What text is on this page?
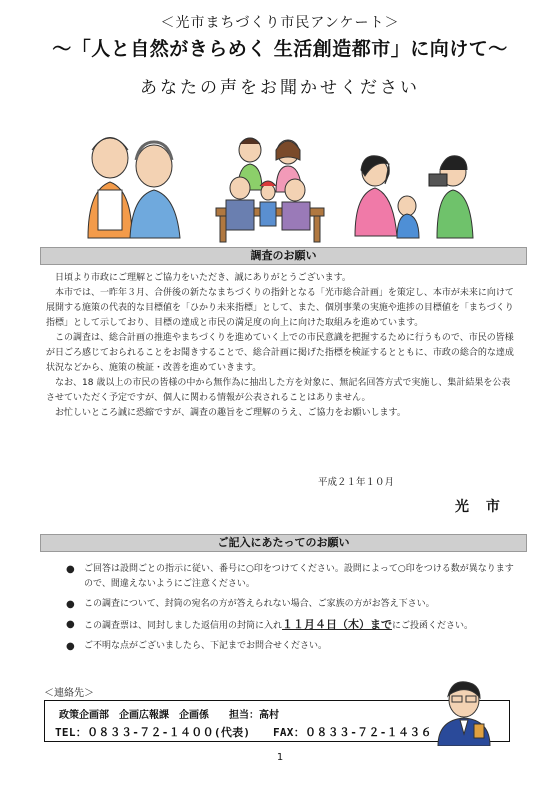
＜光市まちづくり市民アンケート＞
～「人と自然がきらめく 生活創造都市」に向けて～
あなたの声をお聞かせください
調査のお願い

日頃より市政にご理解とご協力をいただき、誠にありがとうございます。

本市では、一昨年３月、合併後の新たなまちづくりの指針となる「光市総合計画」を策定し、本市が未来に向けて展開する施策の代表的な目標値を「ひかり未来指標」として、また、個別事業の実施や進捗の目標値を「まちづくり指標」として示しており、目標の達成と市民の満足度の向上に向けた取組みを進めています。

この調査は、総合計画の推進やまちづくりを進めていく上での市民意識を把握するために行うもので、市民の皆様が日ごろ感じておられることをお聞きすることで、総合計画に掲げた指標を検証するとともに、市政の総合的な達成状況などから、施策の検証・改善を進めていきます。

なお、18 歳以上の市民の皆様の中から無作為に抽出した方を対象に、無記名回答方式で実施し、集計結果を公表させていただく予定ですが、個人に関わる情報が公表されることはありません。

お忙しいところ誠に恐縮ですが、調査の趣旨をご理解のうえ、ご協力をお願いします。

平成２１年１０月
光 市
ご記入にあたってのお願い
● ご回答は設問ごとの指示に従い、番号に○印をつけてください。設問によって○印をつける数が異なりますので、間違えないようにご注意ください。
● この調査について、封筒の宛名の方が答えられない場合、ご家族の方がお答え下さい。
● この調査票は、同封しました返信用の封筒に入れ１１月４日（木）までにご投函ください。
● ご不明な点がございましたら、下記までお問合せください。
＜連絡先＞
政策企画部　企画広報課　企画係　　担当：高村
TEL：０８３３-７２-１４００(代表)　　FAX：０８３３-７２-１４３６
1
